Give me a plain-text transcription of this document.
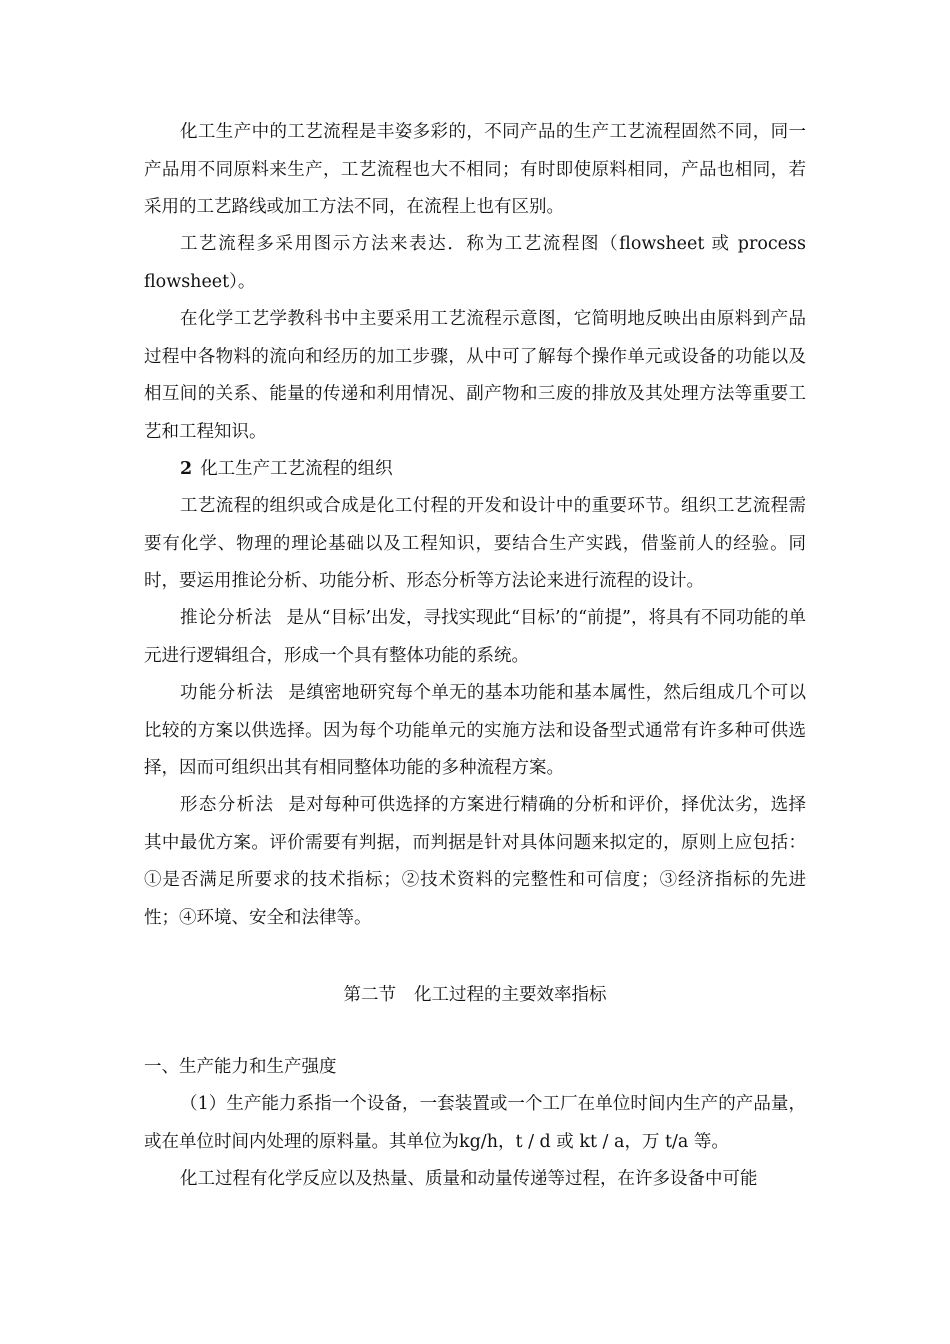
化工生产中的工艺流程是丰姿多彩的，不同产品的生产工艺流程固然不同，同一产品用不同原料来生产，工艺流程也大不相同；有时即使原料相同，产品也相同，若采用的工艺路线或加工方法不同，在流程上也有区别。

工艺流程多采用图示方法来表达．称为工艺流程图（flowsheet 或 process flowsheet）。

在化学工艺学教科书中主要采用工艺流程示意图，它简明地反映出由原料到产品过程中各物料的流向和经历的加工步骤，从中可了解每个操作单元或设备的功能以及相互间的关系、能量的传递和利用情况、副产物和三废的排放及其处理方法等重要工艺和工程知识。

2 化工生产工艺流程的组织

工艺流程的组织或合成是化工付程的开发和设计中的重要环节。组织工艺流程需要有化学、物理的理论基础以及工程知识，要结合生产实践，借鉴前人的经验。同时，要运用推论分析、功能分析、形态分析等方法论来进行流程的设计。

推论分析法 是从“目标’出发，寻找实现此“目标’的“前提”，将具有不同功能的单元进行逻辑组合，形成一个具有整体功能的系统。

功能分析法 是缜密地研究每个单无的基本功能和基本属性，然后组成几个可以比较的方案以供选择。因为每个功能单元的实施方法和设备型式通常有许多种可供选择，因而可组织出其有相同整体功能的多种流程方案。

形态分析法 是对每种可供选择的方案进行精确的分析和评价，择优汰劣，选择其中最优方案。评价需要有判据，而判据是针对具体问题来拟定的，原则上应包括：①是否满足所要求的技术指标；②技术资料的完整性和可信度；③经济指标的先进性；④环境、安全和法律等。

第二节 化工过程的主要效率指标

一、生产能力和生产强度

（1）生产能力系指一个设备，一套装置或一个工厂在单位时间内生产的产品量，或在单位时间内处理的原料量。其单位为kg/h，t / d 或 kt / a，万 t/a 等。

化工过程有化学反应以及热量、质量和动量传递等过程，在许多设备中可能
